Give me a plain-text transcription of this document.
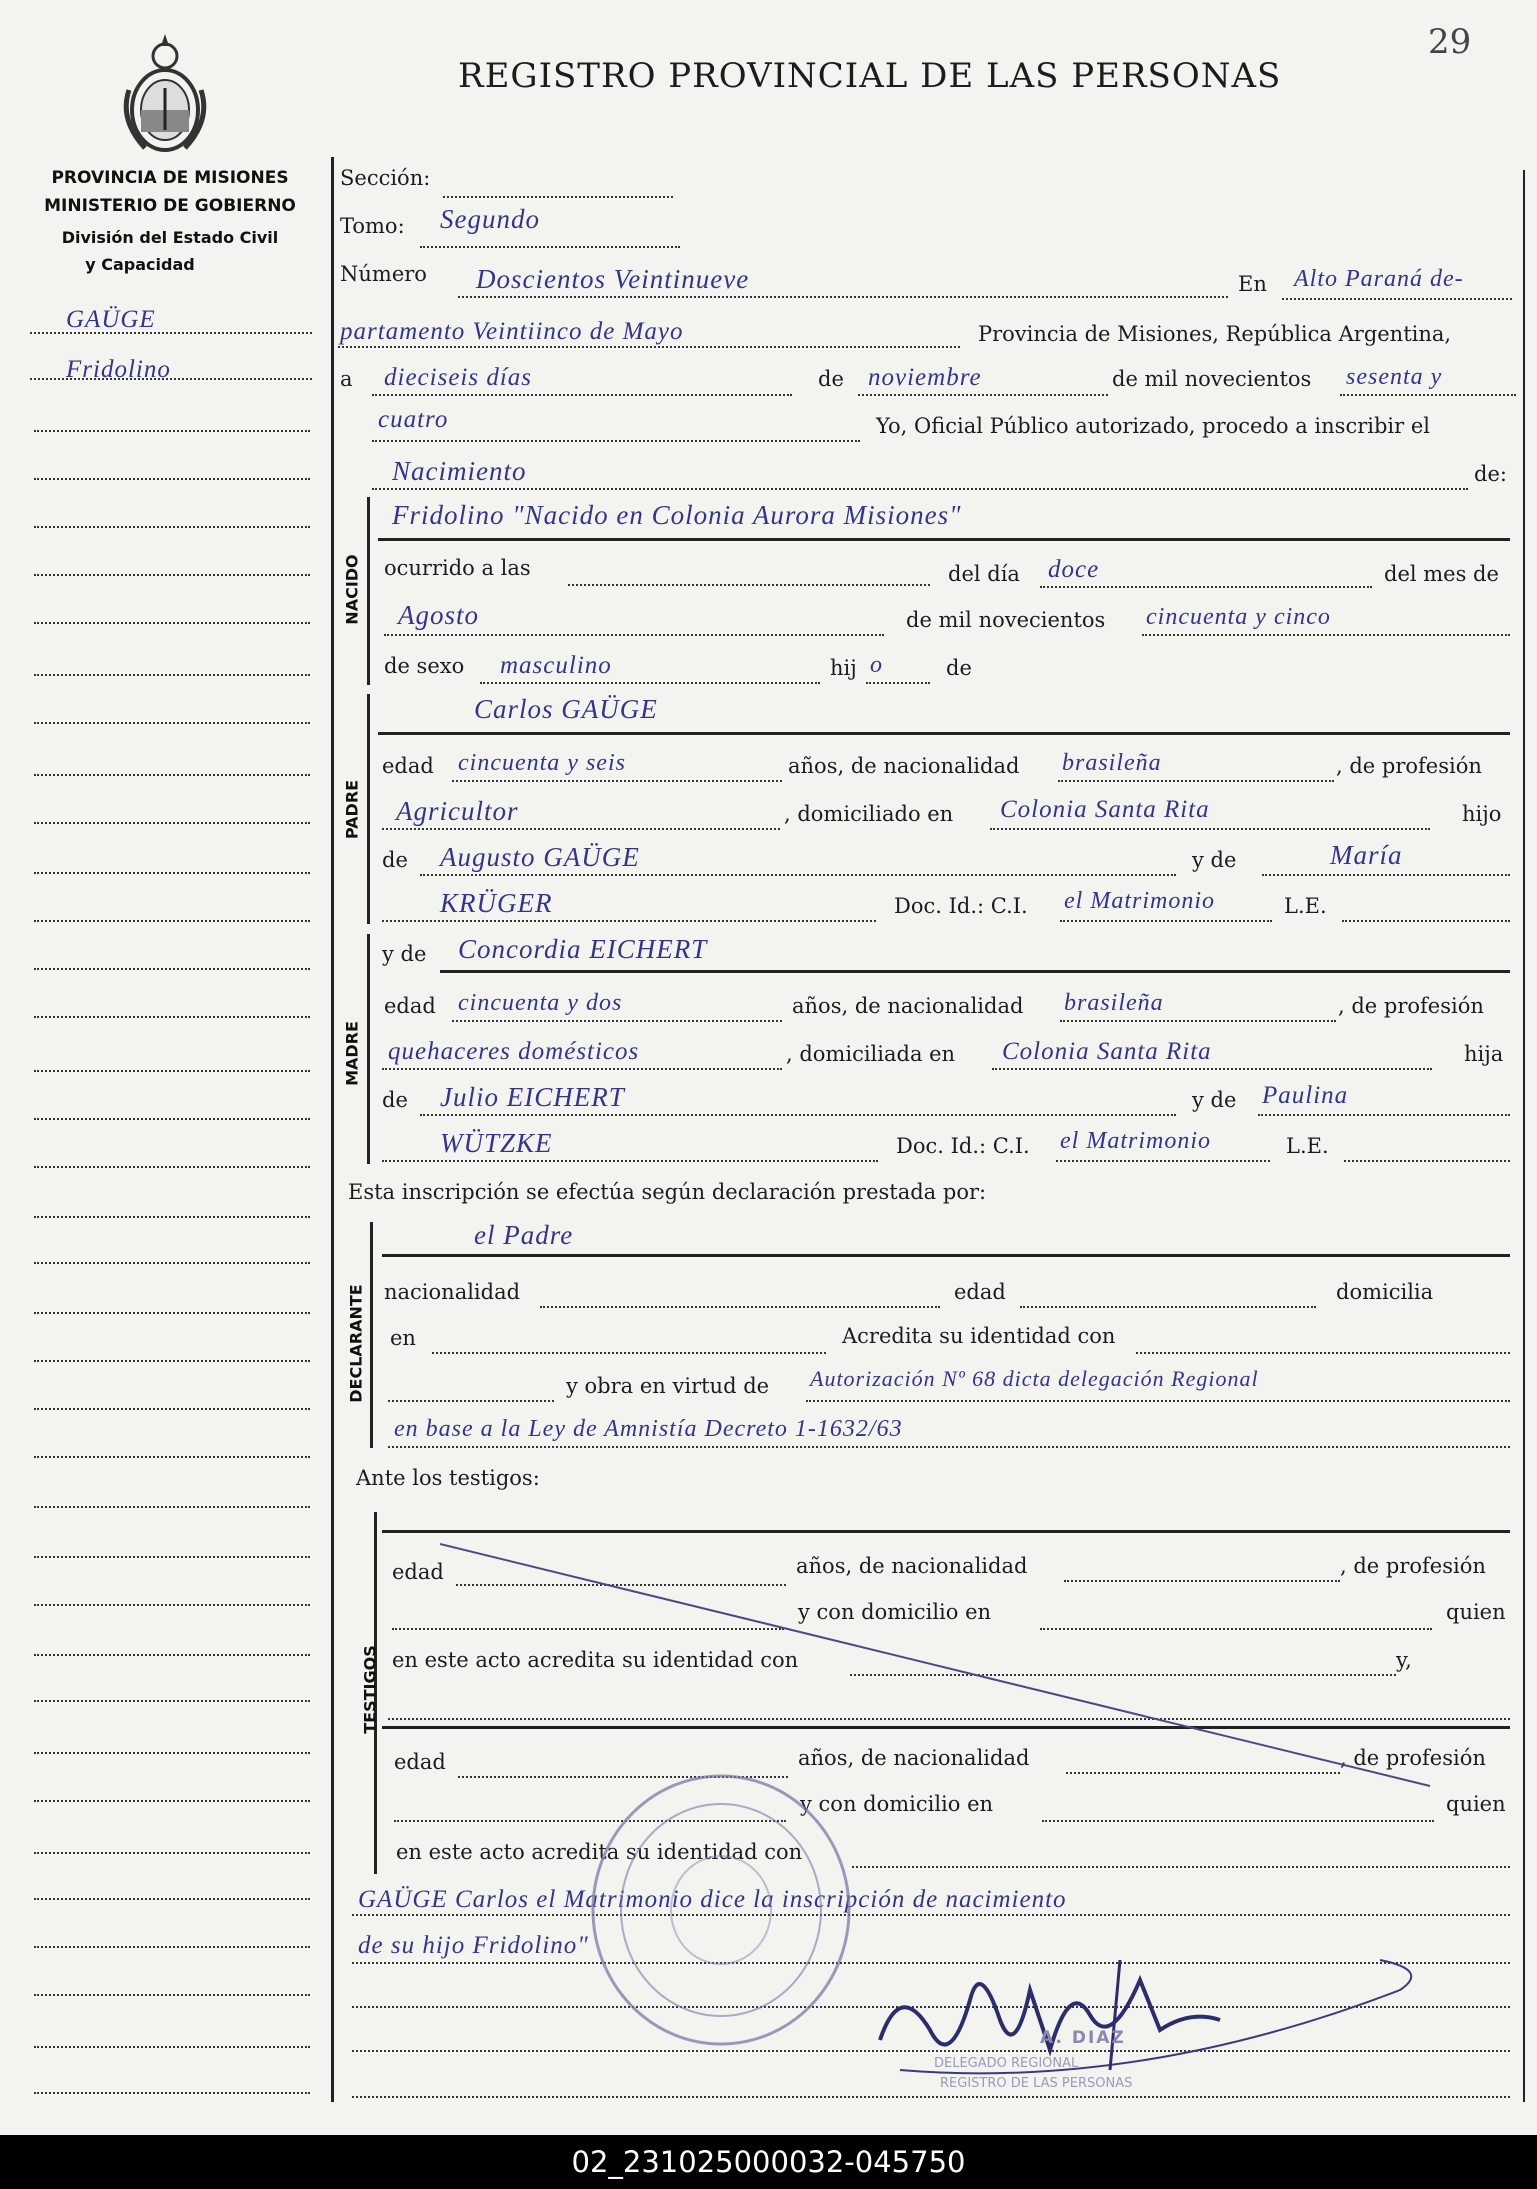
29
REGISTRO PROVINCIAL DE LAS PERSONAS
PROVINCIA DE MISIONES
MINISTERIO DE GOBIERNO
División del Estado Civil
y Capacidad
GAÜGE
Fridolino
Sección:
Tomo: Segundo
Número Doscientos Veintinueve	En Alto Paraná de-
partamento Veintiinco de Mayo	Provincia de Misiones, República Argentina,
a dieciseis días	de noviembre	de mil novecientos sesenta y
cuatro	Yo, Oficial Público autorizado, procedo a inscribir el
Nacimiento	de:
NACIDO
Fridolino "Nacido en Colonia Aurora Misiones"
ocurrido a las	del día doce	del mes de
Agosto	de mil novecientos cincuenta y cinco
de sexo masculino	hij o	de
PADRE
Carlos GAÜGE
edad cincuenta y seis	años, de nacionalidad brasileña	, de profesión
Agricultor	, domiciliado en Colonia Santa Rita	hijo
de Augusto GAÜGE	y de	María
KRÜGER	Doc. Id.: C.I. el Matrimonio	L.E.
MADRE
y de Concordia EICHERT
edad cincuenta y dos	años, de nacionalidad brasileña	, de profesión
quehaceres domésticos	, domiciliada en Colonia Santa Rita	hija
de Julio EICHERT	y de Paulina
WÜTZKE	Doc. Id.: C.I. el Matrimonio	L.E.
Esta inscripción se efectúa según declaración prestada por:
DECLARANTE
el Padre
nacionalidad	edad	domicilia
en	Acredita su identidad con
y obra en virtud de Autorización Nº 68 dicta delegación Regional
en base a la Ley de Amnistía Decreto 1-1632/63
Ante los testigos:
TESTIGOS
edad	años, de nacionalidad	, de profesión
y con domicilio en	quien
en este acto acredita su identidad con	y,
edad	años, de nacionalidad	, de profesión
y con domicilio en	quien
en este acto acredita su identidad con
GAÜGE Carlos el Matrimonio dice la inscripción de nacimiento
de su hijo Fridolino"
A. DIAZ
DELEGADO REGIONAL
REGISTRO DE LAS PERSONAS
02_231025000032-045750
